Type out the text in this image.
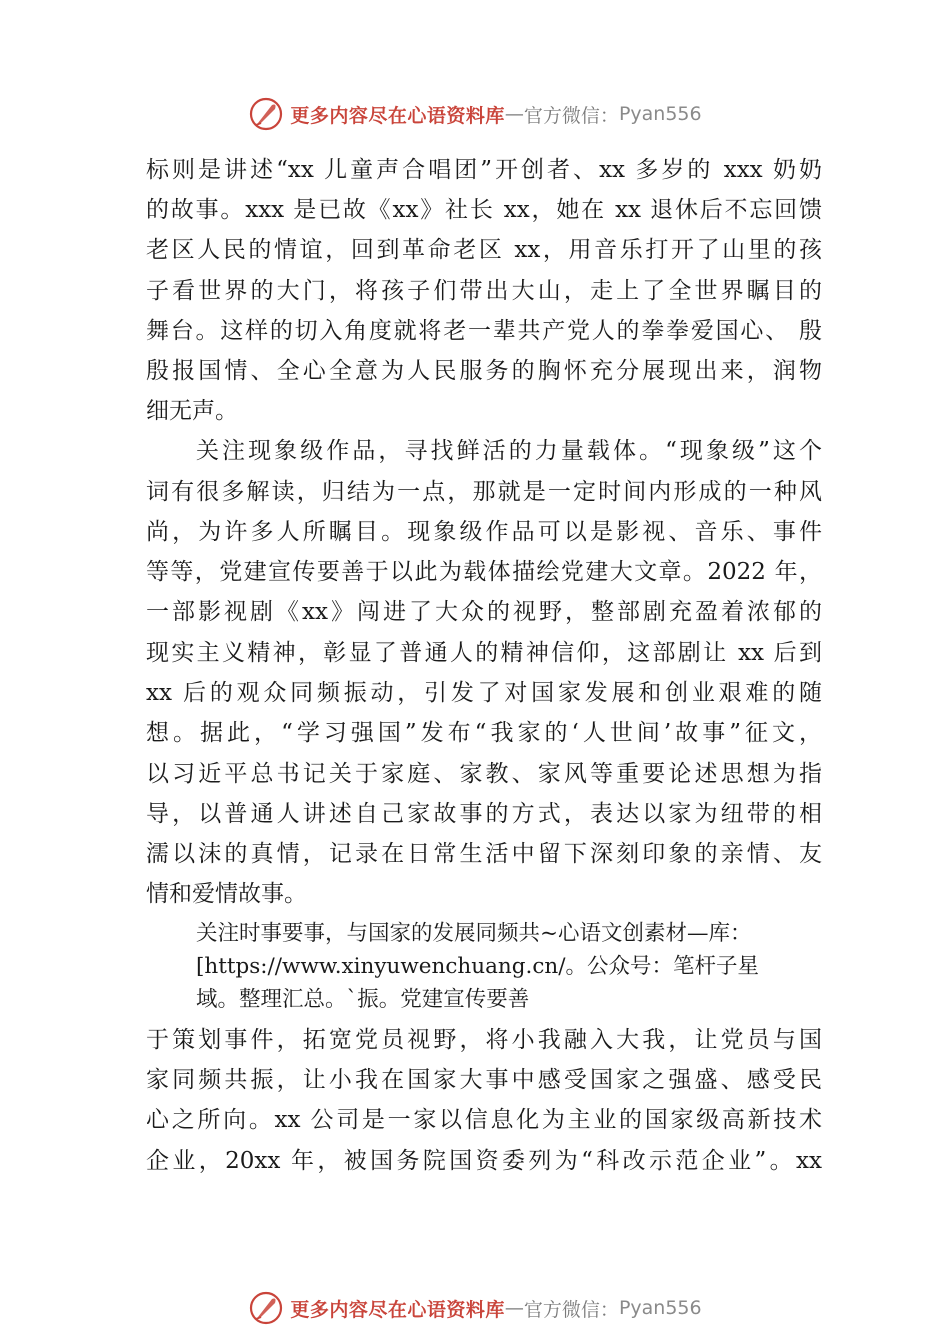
更多内容尽在心语资料库 — 官方微信： Pyan556
标则是讲述“xx 儿童声合唱团”开创者、xx 多岁的 xxx 奶奶
的故事。xxx 是已故《xx》社长 xx，她在 xx 退休后不忘回馈
老区人民的情谊，回到革命老区 xx，用音乐打开了山里的孩
子看世界的大门，将孩子们带出大山，走上了全世界瞩目的
舞台。这样的切入角度就将老一辈共产党人的拳拳爱国心、 殷
殷报国情、全心全意为人民服务的胸怀充分展现出来，润物
细无声。
关注现象级作品，寻找鲜活的力量载体。“现象级”这个
词有很多解读，归结为一点，那就是一定时间内形成的一种风
尚，为许多人所瞩目。现象级作品可以是影视、音乐、事件
等等，党建宣传要善于以此为载体描绘党建大文章。2022 年，
一部影视剧《xx》闯进了大众的视野，整部剧充盈着浓郁的
现实主义精神，彰显了普通人的精神信仰，这部剧让 xx 后到
xx 后的观众同频振动，引发了对国家发展和创业艰难的随
想。据此，“学习强国”发布“我家的‘人世间’故事”征文，
以习近平总书记关于家庭、家教、家风等重要论述思想为指
导，以普通人讲述自己家故事的方式，表达以家为纽带的相
濡以沫的真情，记录在日常生活中留下深刻印象的亲情、友
情和爱情故事。
关注时事要事，与国家的发展同频共~心语文创素材—库：
[https://www.xinyuwenchuang.cn/。公众号：笔杆子星
域。整理汇总。`振。党建宣传要善
于策划事件，拓宽党员视野，将小我融入大我，让党员与国
家同频共振，让小我在国家大事中感受国家之强盛、感受民
心之所向。xx 公司是一家以信息化为主业的国家级高新技术
企业，20xx 年，被国务院国资委列为“科改示范企业”。xx
更多内容尽在心语资料库 — 官方微信： Pyan556
